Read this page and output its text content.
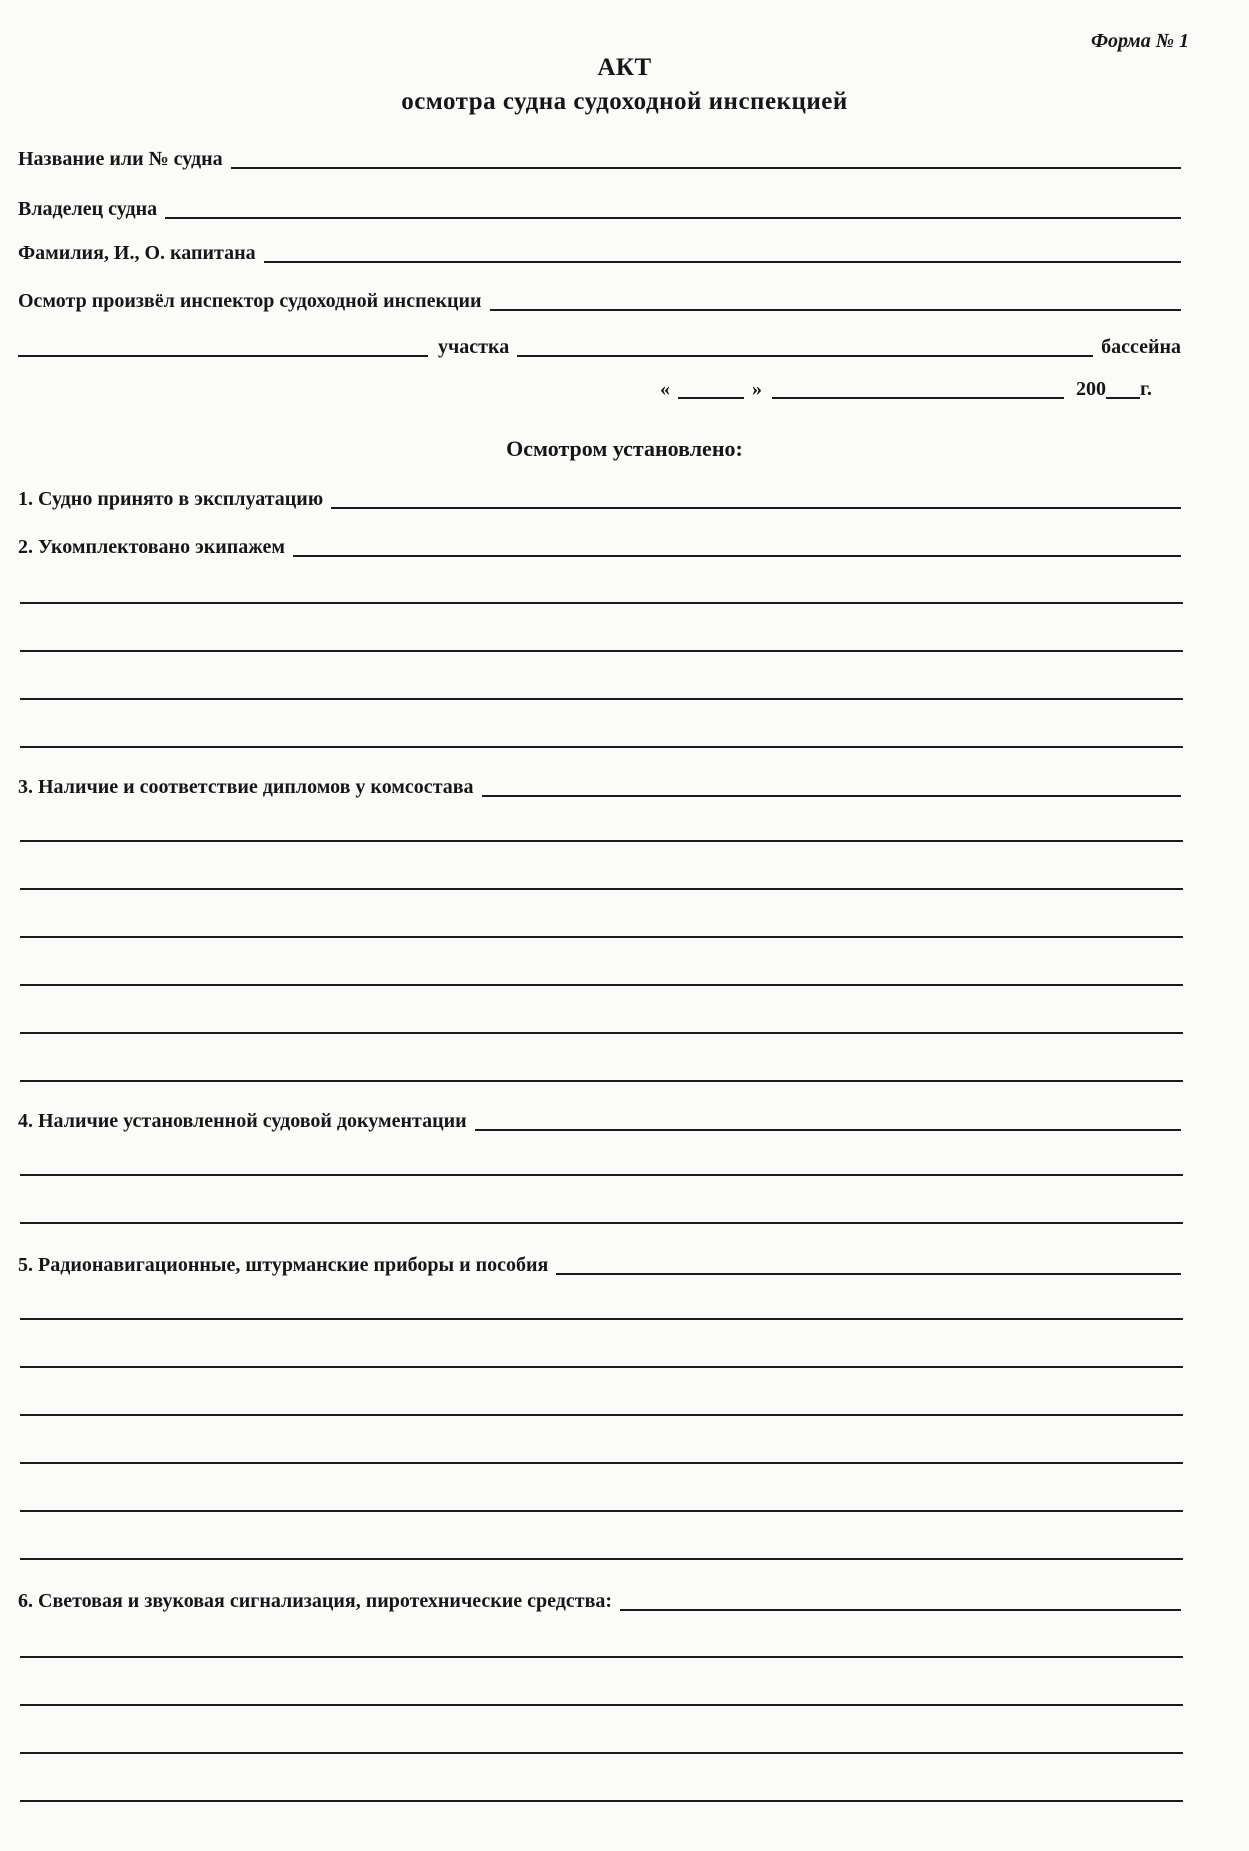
Форма № 1
АКТ
осмотра судна судоходной инспекцией
Название или № судна
Владелец судна
Фамилия, И., О. капитана
Осмотр произвёл инспектор судоходной инспекции
участка	бассейна
«	»	200 г.
Осмотром установлено:
1. Судно принято в эксплуатацию
2. Укомплектовано экипажем
3. Наличие и соответствие дипломов у комсостава
4. Наличие установленной судовой документации
5. Радионавигационные, штурманские приборы и пособия
6. Световая и звуковая сигнализация, пиротехнические средства:
